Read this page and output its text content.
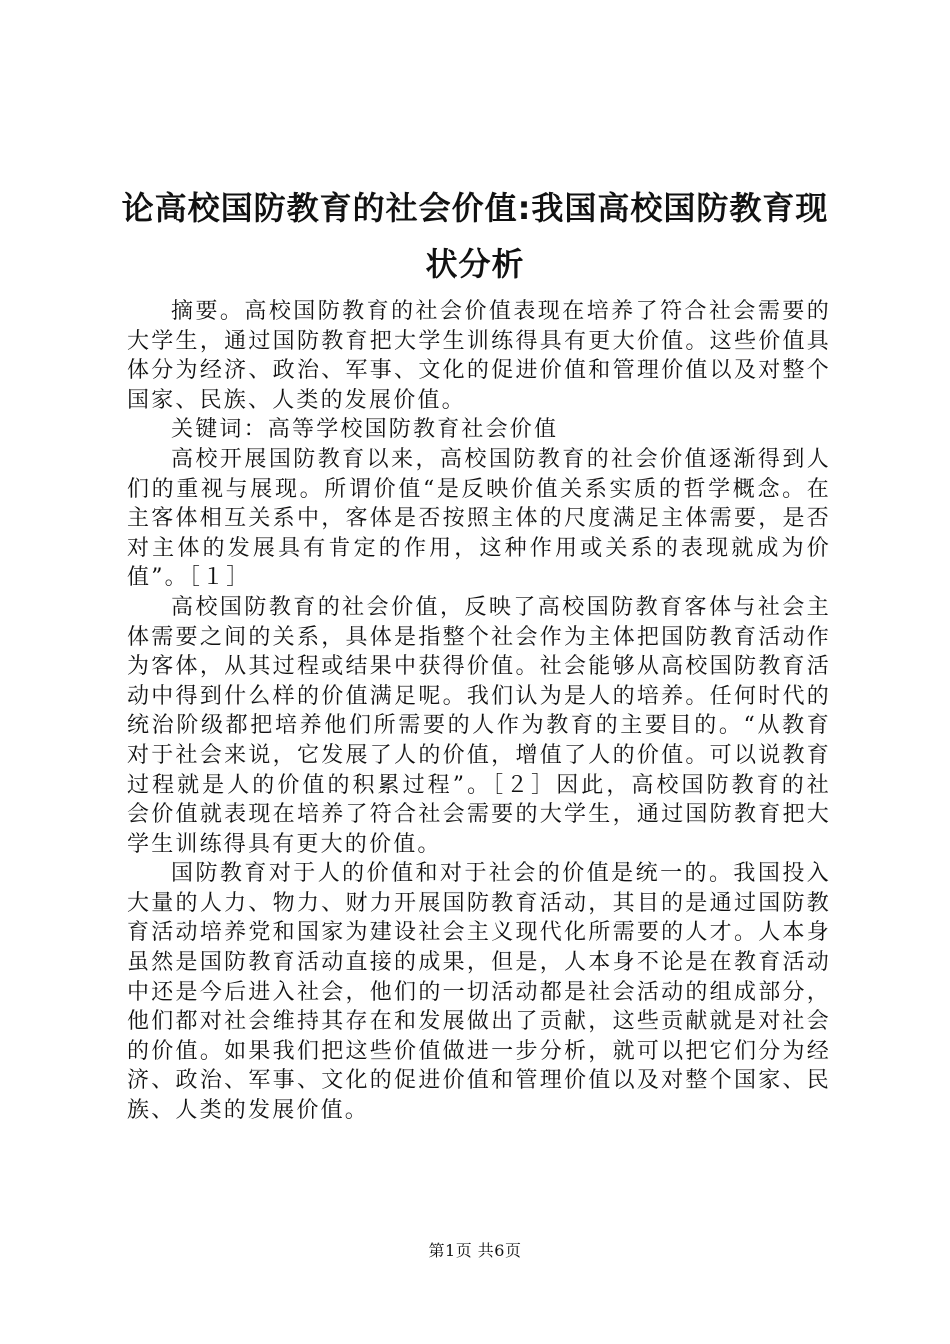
论高校国防教育的社会价值:我国高校国防教育现状分析

摘要。高校国防教育的社会价值表现在培养了符合社会需要的大学生，通过国防教育把大学生训练得具有更大价值。这些价值具体分为经济、政治、军事、文化的促进价值和管理价值以及对整个国家、民族、人类的发展价值。

关键词：高等学校国防教育社会价值

高校开展国防教育以来，高校国防教育的社会价值逐渐得到人们的重视与展现。所谓价值“是反映价值关系实质的哲学概念。在主客体相互关系中，客体是否按照主体的尺度满足主体需要，是否对主体的发展具有肯定的作用，这种作用或关系的表现就成为价值”。［１］

高校国防教育的社会价值，反映了高校国防教育客体与社会主体需要之间的关系，具体是指整个社会作为主体把国防教育活动作为客体，从其过程或结果中获得价值。社会能够从高校国防教育活动中得到什么样的价值满足呢。我们认为是人的培养。任何时代的统治阶级都把培养他们所需要的人作为教育的主要目的。“从教育对于社会来说，它发展了人的价值，增值了人的价值。可以说教育过程就是人的价值的积累过程”。［２］因此，高校国防教育的社会价值就表现在培养了符合社会需要的大学生，通过国防教育把大学生训练得具有更大的价值。

国防教育对于人的价值和对于社会的价值是统一的。我国投入大量的人力、物力、财力开展国防教育活动，其目的是通过国防教育活动培养党和国家为建设社会主义现代化所需要的人才。人本身虽然是国防教育活动直接的成果，但是，人本身不论是在教育活动中还是今后进入社会，他们的一切活动都是社会活动的组成部分，他们都对社会维持其存在和发展做出了贡献，这些贡献就是对社会的价值。如果我们把这些价值做进一步分析，就可以把它们分为经济、政治、军事、文化的促进价值和管理价值以及对整个国家、民族、人类的发展价值。

第1页 共6页
